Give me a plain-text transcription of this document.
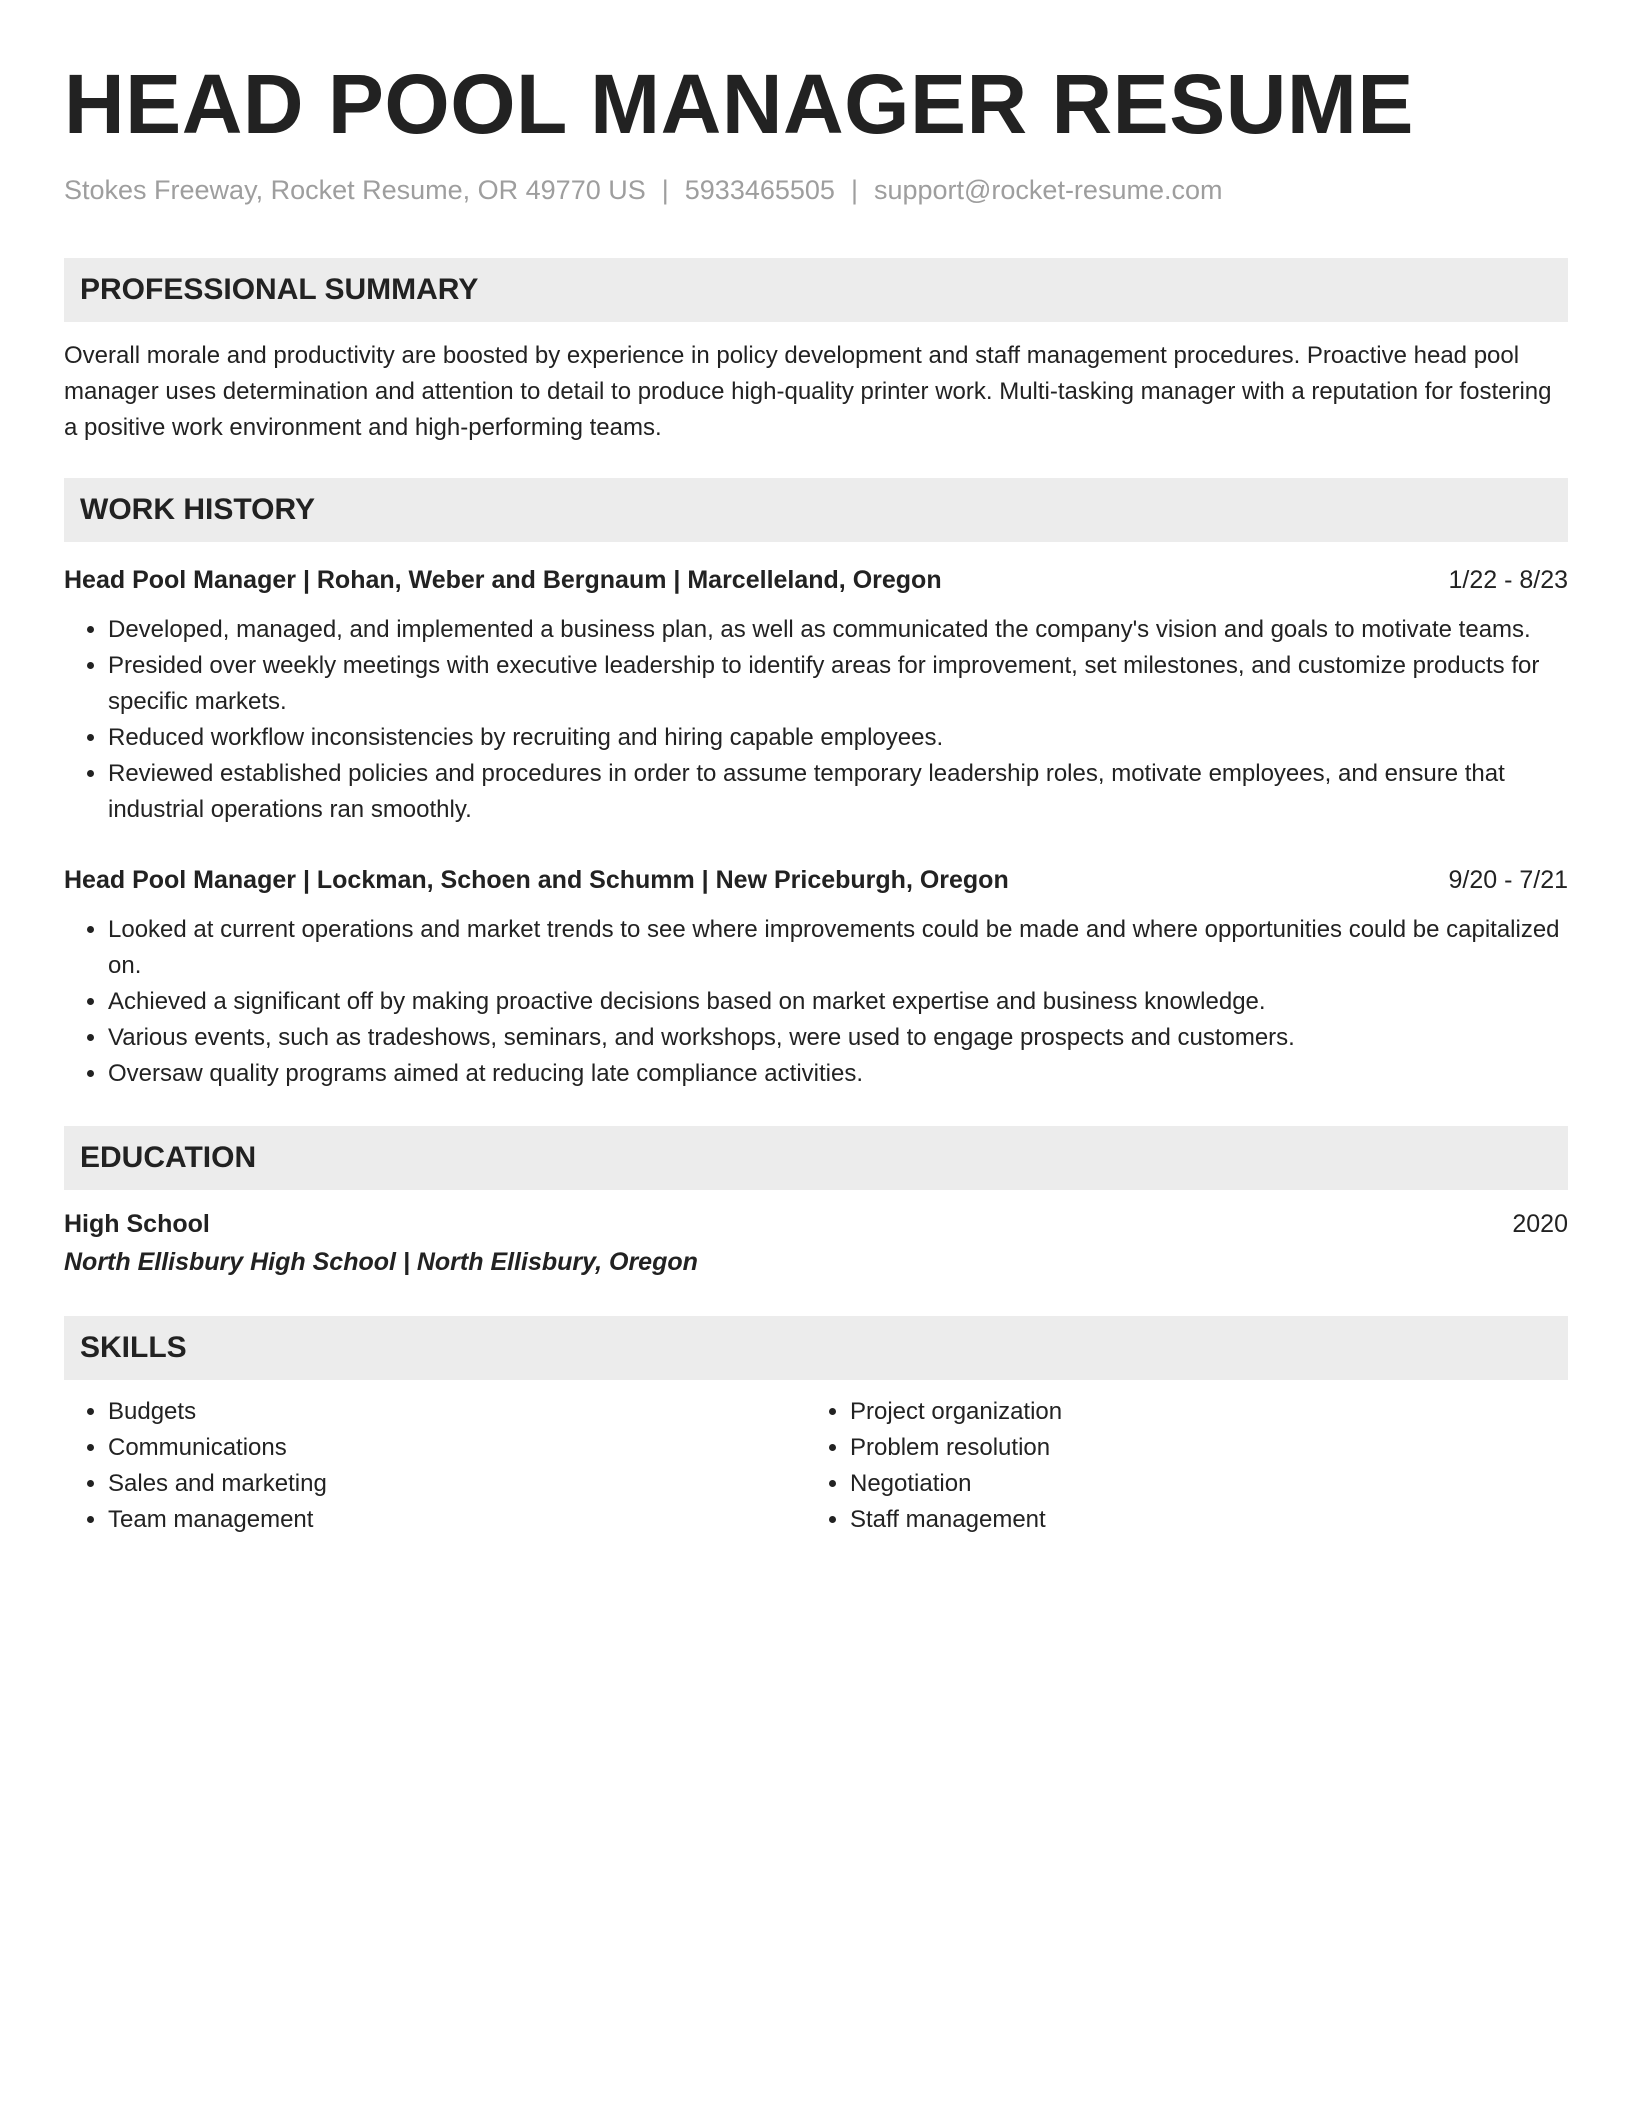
HEAD POOL MANAGER RESUME
Stokes Freeway, Rocket Resume, OR 49770 US | 5933465505 | support@rocket-resume.com
PROFESSIONAL SUMMARY
Overall morale and productivity are boosted by experience in policy development and staff management procedures. Proactive head pool manager uses determination and attention to detail to produce high-quality printer work. Multi-tasking manager with a reputation for fostering a positive work environment and high-performing teams.
WORK HISTORY
Head Pool Manager | Rohan, Weber and Bergnaum | Marcelleland, Oregon	1/22 - 8/23
• Developed, managed, and implemented a business plan, as well as communicated the company's vision and goals to motivate teams.
• Presided over weekly meetings with executive leadership to identify areas for improvement, set milestones, and customize products for specific markets.
• Reduced workflow inconsistencies by recruiting and hiring capable employees.
• Reviewed established policies and procedures in order to assume temporary leadership roles, motivate employees, and ensure that industrial operations ran smoothly.
Head Pool Manager | Lockman, Schoen and Schumm | New Priceburgh, Oregon	9/20 - 7/21
• Looked at current operations and market trends to see where improvements could be made and where opportunities could be capitalized on.
• Achieved a significant off by making proactive decisions based on market expertise and business knowledge.
• Various events, such as tradeshows, seminars, and workshops, were used to engage prospects and customers.
• Oversaw quality programs aimed at reducing late compliance activities.
EDUCATION
High School	2020
North Ellisbury High School | North Ellisbury, Oregon
SKILLS
• Budgets
• Communications
• Sales and marketing
• Team management
• Project organization
• Problem resolution
• Negotiation
• Staff management
